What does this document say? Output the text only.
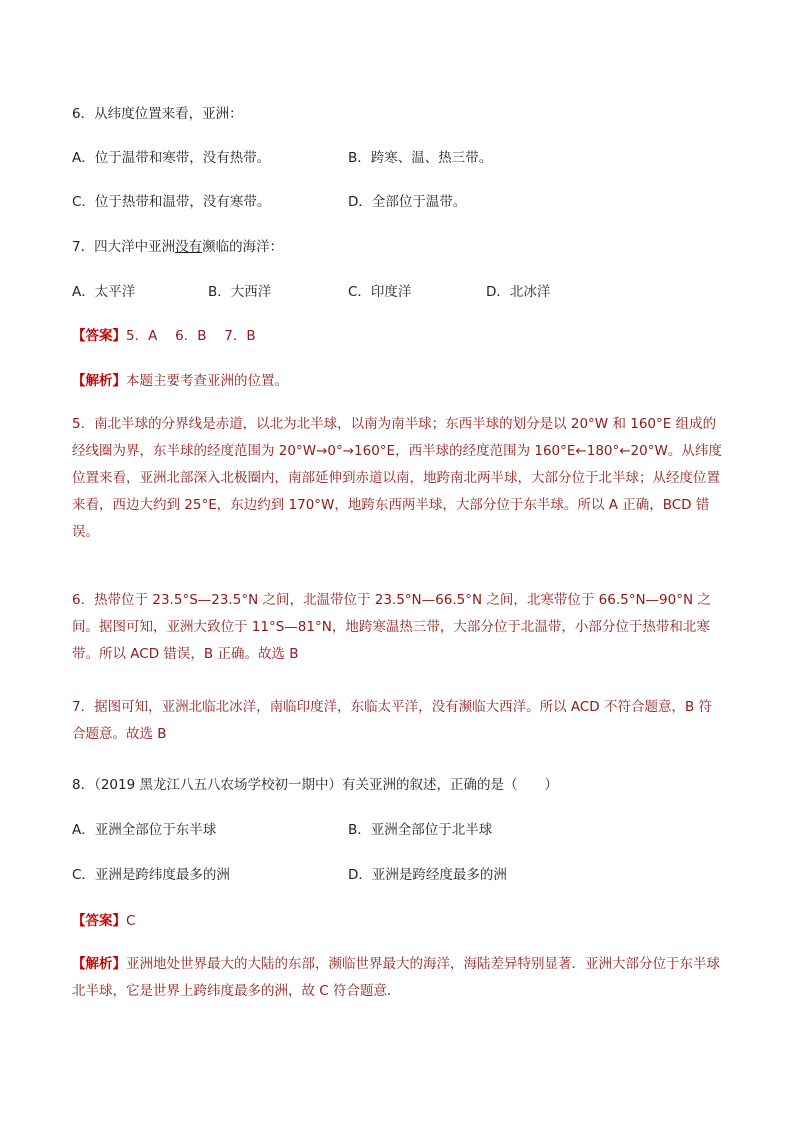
6．从纬度位置来看，亚洲：
A．位于温带和寒带，没有热带。	B．跨寒、温、热三带。
C．位于热带和温带，没有寒带。	D．全部位于温带。
7．四大洋中亚洲没有濒临的海洋：
A．太平洋	B．大西洋	C．印度洋	D．北冰洋
【答案】5．A　 6．B　 7．B
【解析】本题主要考查亚洲的位置。
5．南北半球的分界线是赤道，以北为北半球，以南为南半球；东西半球的划分是以 20°W 和 160°E 组成的经线圈为界，东半球的经度范围为 20°W→0°→160°E，西半球的经度范围为 160°E←180°←20°W。从纬度位置来看，亚洲北部深入北极圈内，南部延伸到赤道以南，地跨南北两半球，大部分位于北半球；从经度位置来看，西边大约到 25°E，东边约到 170°W，地跨东西两半球，大部分位于东半球。所以 A 正确，BCD 错误。
6．热带位于 23.5°S—23.5°N 之间，北温带位于 23.5°N—66.5°N 之间，北寒带位于 66.5°N—90°N 之间。据图可知，亚洲大致位于 11°S—81°N，地跨寒温热三带，大部分位于北温带，小部分位于热带和北寒带。所以 ACD 错误，B 正确。故选 B
7．据图可知，亚洲北临北冰洋，南临印度洋，东临太平洋，没有濒临大西洋。所以 ACD 不符合题意，B 符合题意。故选 B
8．（2019 黑龙江八五八农场学校初一期中）有关亚洲的叙述，正确的是（　　）
A．亚洲全部位于东半球	B．亚洲全部位于北半球
C．亚洲是跨纬度最多的洲	D．亚洲是跨经度最多的洲
【答案】C
【解析】亚洲地处世界最大的大陆的东部，濒临世界最大的海洋，海陆差异特别显著．亚洲大部分位于东半球北半球，它是世界上跨纬度最多的洲，故 C 符合题意．
